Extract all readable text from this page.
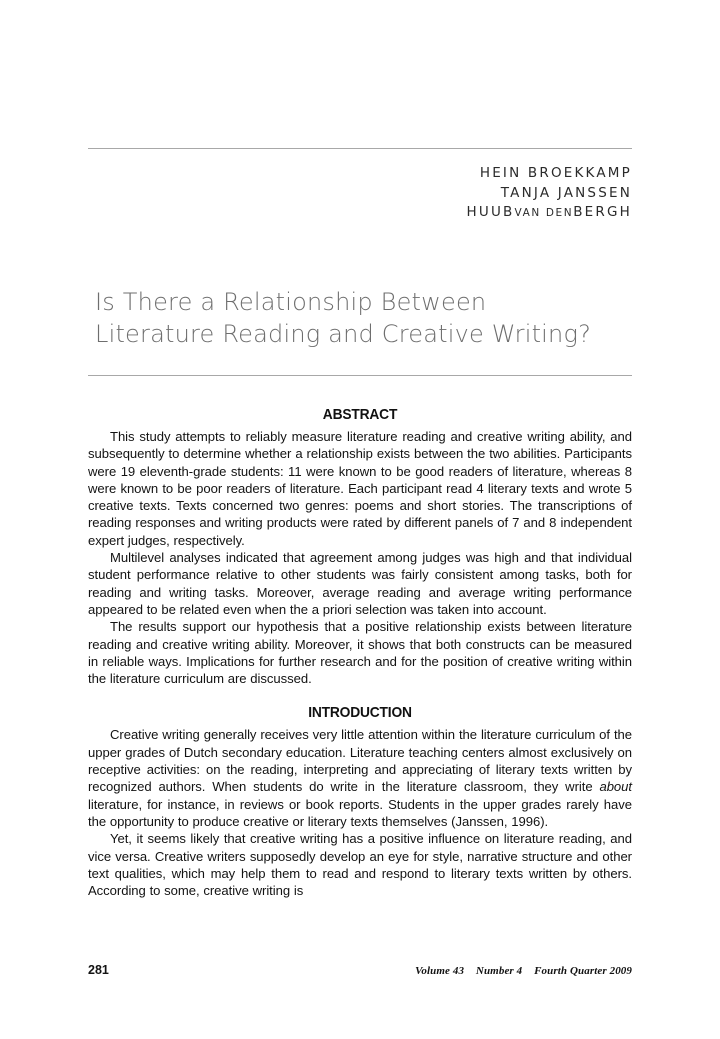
HEIN BROEKKAMP
TANJA JANSSEN
HUUBVAN DENBERGH
Is There a Relationship Between
Literature Reading and Creative Writing?
ABSTRACT

This study attempts to reliably measure literature reading and creative writing ability, and subsequently to determine whether a relationship exists between the two abilities. Participants were 19 eleventh-grade students: 11 were known to be good readers of literature, whereas 8 were known to be poor readers of literature. Each participant read 4 literary texts and wrote 5 creative texts. Texts concerned two genres: poems and short stories. The transcriptions of reading responses and writing products were rated by different panels of 7 and 8 independent expert judges, respectively.

Multilevel analyses indicated that agreement among judges was high and that individual student performance relative to other students was fairly consistent among tasks, both for reading and writing tasks. Moreover, average reading and average writing performance appeared to be related even when the a priori selection was taken into account.

The results support our hypothesis that a positive relationship exists between literature reading and creative writing ability. Moreover, it shows that both constructs can be measured in reliable ways. Implications for further research and for the position of creative writing within the literature curriculum are discussed.

INTRODUCTION

Creative writing generally receives very little attention within the literature curriculum of the upper grades of Dutch secondary education. Literature teaching centers almost exclusively on receptive activities: on the reading, interpreting and appreciating of literary texts written by recognized authors. When students do write in the literature classroom, they write about literature, for instance, in reviews or book reports. Students in the upper grades rarely have the opportunity to produce creative or literary texts themselves (Janssen, 1996).

Yet, it seems likely that creative writing has a positive influence on literature reading, and vice versa. Creative writers supposedly develop an eye for style, narrative structure and other text qualities, which may help them to read and respond to literary texts written by others. According to some, creative writing is

281	Volume 43 Number 4 Fourth Quarter 2009
